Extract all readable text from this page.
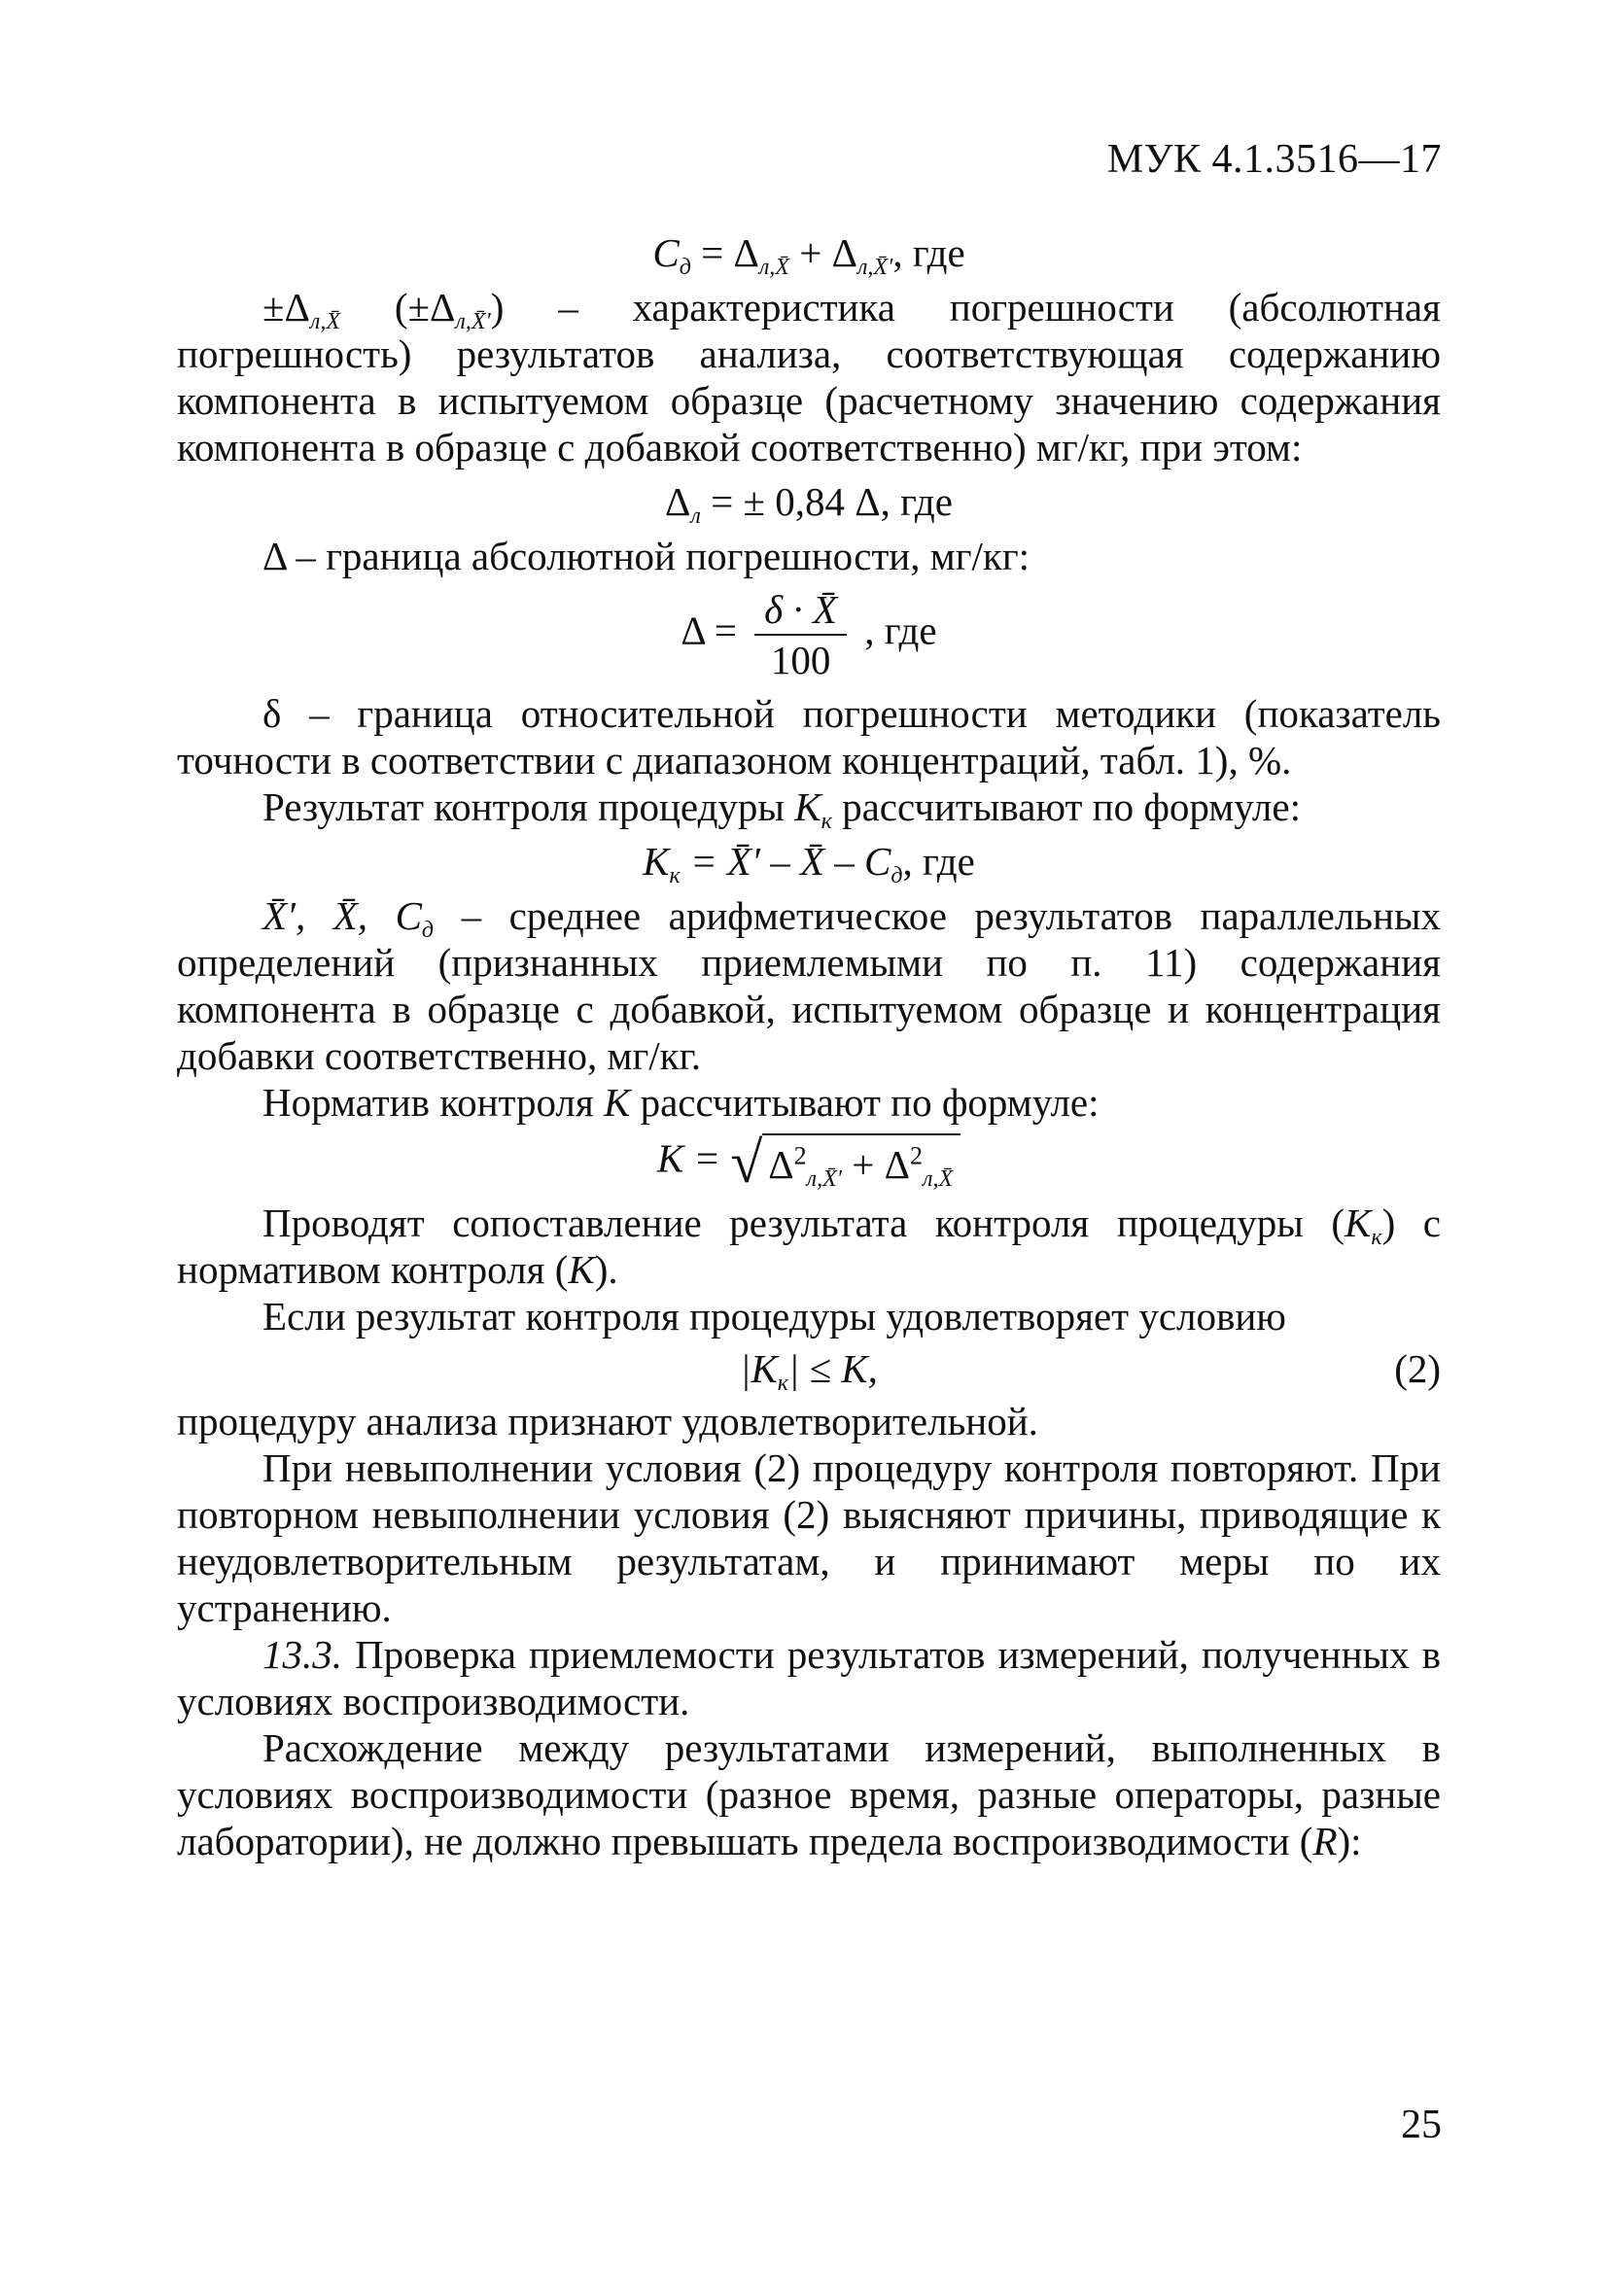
МУК 4.1.3516—17
$C_д = \Delta_{л,X̄} + \Delta_{л,X̄'}$, где

$\pm\Delta_{л,X̄}$ $(\pm\Delta_{л,X̄'})$ – характеристика погрешности (абсолютная погрешность) результатов анализа, соответствующая содержанию компонента в испытуемом образце (расчетному значению содержания компонента в образце с добавкой соответственно) мг/кг, при этом:

$\Delta_л$ = ± 0,84 Δ, где

Δ – граница абсолютной погрешности, мг/кг:

$\Delta = \frac{\delta \cdot X̄}{100}$ , где

δ – граница относительной погрешности методики (показатель точности в соответствии с диапазоном концентраций, табл. 1), %.

Результат контроля процедуры $K_к$ рассчитывают по формуле:

$K_к$ = X̄′ – X̄ – $C_д$, где

X̄′, X̄, $C_д$ – среднее арифметическое результатов параллельных определений (признанных приемлемыми по п. 11) содержания компонента в образце с добавкой, испытуемом образце и концентрация добавки соответственно, мг/кг.

Норматив контроля K рассчитывают по формуле:

K = √ $\Delta^2_{л,X̄'} + \Delta^2_{л,X̄}$

Проводят сопоставление результата контроля процедуры $(K_к)$ с нормативом контроля (K).

Если результат контроля процедуры удовлетворяет условию

$|K_к| \le K$,	(2)

процедуру анализа признают удовлетворительной.

При невыполнении условия (2) процедуру контроля повторяют. При повторном невыполнении условия (2) выясняют причины, приводящие к неудовлетворительным результатам, и принимают меры по их устранению.

13.3. Проверка приемлемости результатов измерений, полученных в условиях воспроизводимости.

Расхождение между результатами измерений, выполненных в условиях воспроизводимости (разное время, разные операторы, разные лаборатории), не должно превышать предела воспроизводимости (R):

25
